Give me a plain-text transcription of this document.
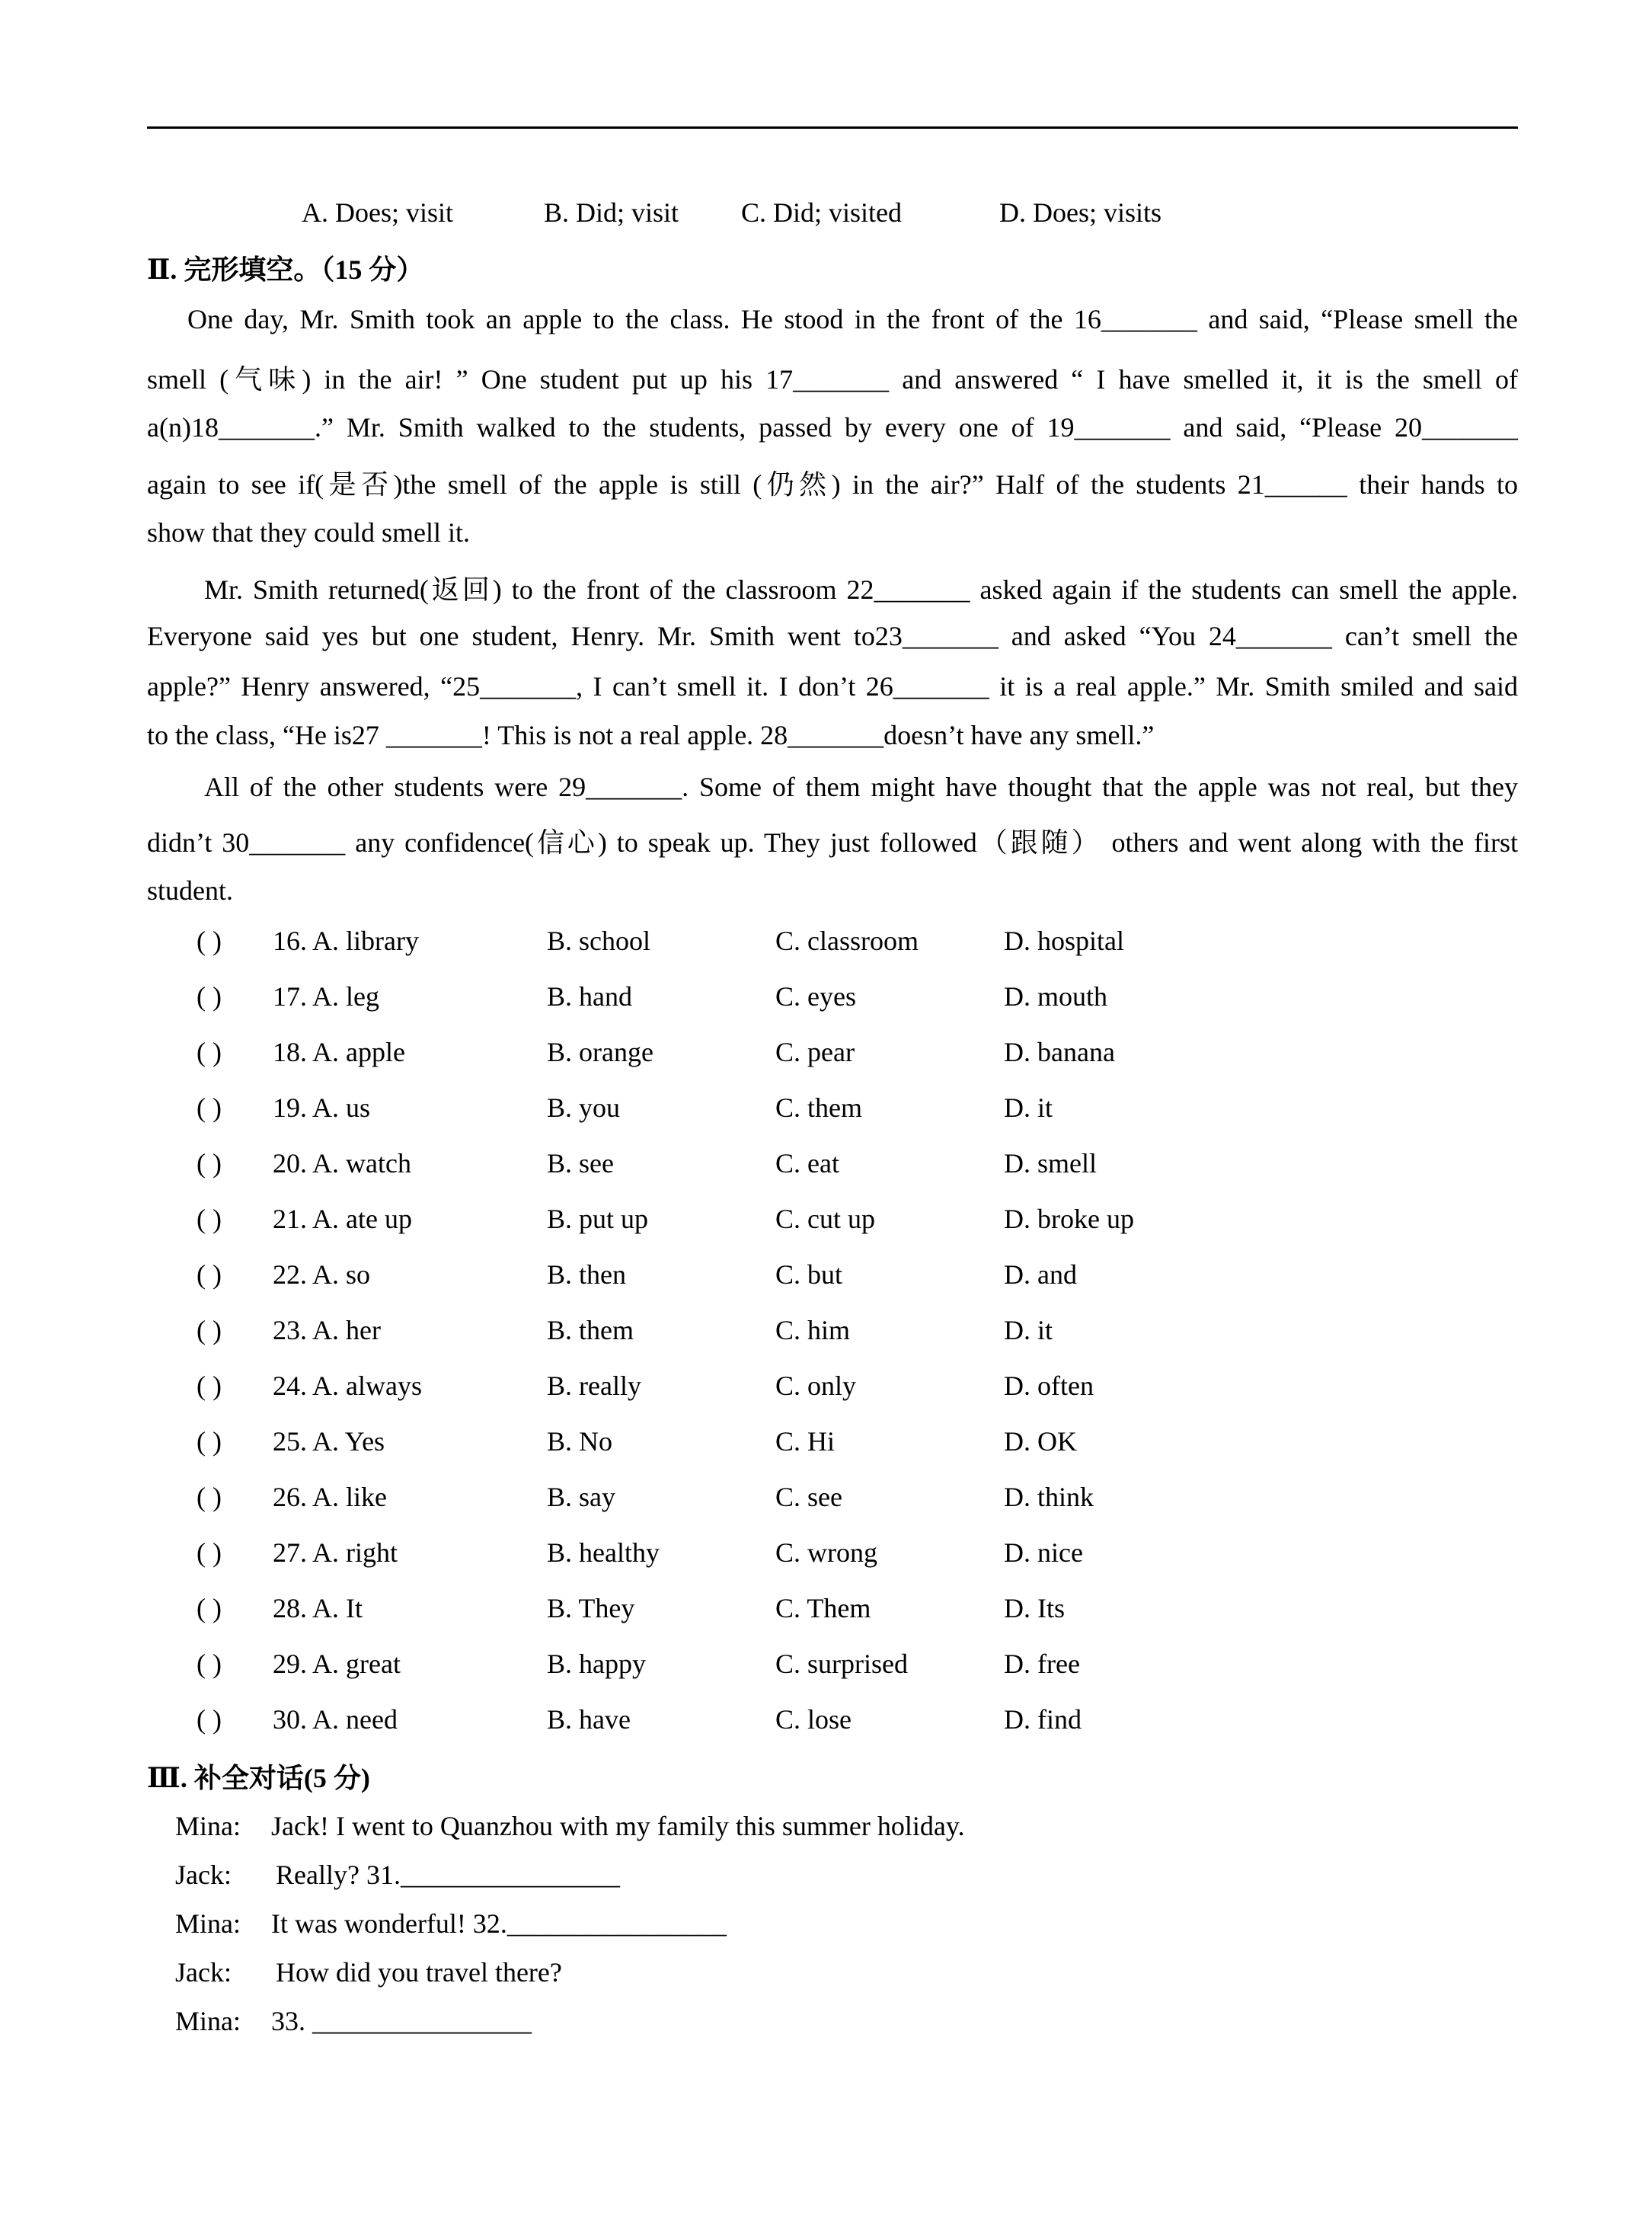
A. Does; visit	B. Did; visit C. Did; visited	D. Does; visits
Ⅱ. 完形填空。（15 分）
One day, Mr. Smith took an apple to the class. He stood in the front of the 16_______ and said, “Please smell the
smell (气味) in the air! ” One student put up his 17_______ and answered “ I have smelled it, it is the smell of
a(n)18_______.” Mr. Smith walked to the students, passed by every one of 19_______ and said, “Please 20_______
again to see if(是否)the smell of the apple is still (仍然) in the air?” Half of the students 21______ their hands to
show that they could smell it.
Mr. Smith returned(返回) to the front of the classroom 22_______ asked again if the students can smell the apple.
Everyone said yes but one student, Henry. Mr. Smith went to23_______ and asked “You 24_______ can’t smell the
apple?” Henry answered, “25_______, I can’t smell it. I don’t 26_______ it is a real apple.” Mr. Smith smiled and said
to the class, “He is27 _______! This is not a real apple. 28_______doesn’t have any smell.”
All of the other students were 29_______. Some of them might have thought that the apple was not real, but they
didn’t 30_______ any confidence(信心) to speak up. They just followed（跟随） others and went along with the first
student.
( ) 16. A. library	B. school	C. classroom	D. hospital
( ) 17. A. leg	B. hand	C. eyes	D. mouth
( ) 18. A. apple	B. orange	C. pear	D. banana
( ) 19. A. us	B. you	C. them	D. it
( ) 20. A. watch	B. see	C. eat	D. smell
( ) 21. A. ate up	B. put up	C. cut up	D. broke up
( ) 22. A. so	B. then	C. but	D. and
( ) 23. A. her	B. them	C. him	D. it
( ) 24. A. always	B. really	C. only	D. often
( ) 25. A. Yes	B. No	C. Hi	D. OK
( ) 26. A. like	B. say	C. see	D. think
( ) 27. A. right	B. healthy	C. wrong	D. nice
( ) 28. A. It	B. They	C. Them	D. Its
( ) 29. A. great	B. happy	C. surprised	D. free
( ) 30. A. need	B. have	C. lose	D. find
Ⅲ. 补全对话(5 分)
Mina: Jack! I went to Quanzhou with my family this summer holiday.
Jack: Really? 31.________________
Mina: It was wonderful! 32.________________
Jack: How did you travel there?
Mina: 33. ________________
